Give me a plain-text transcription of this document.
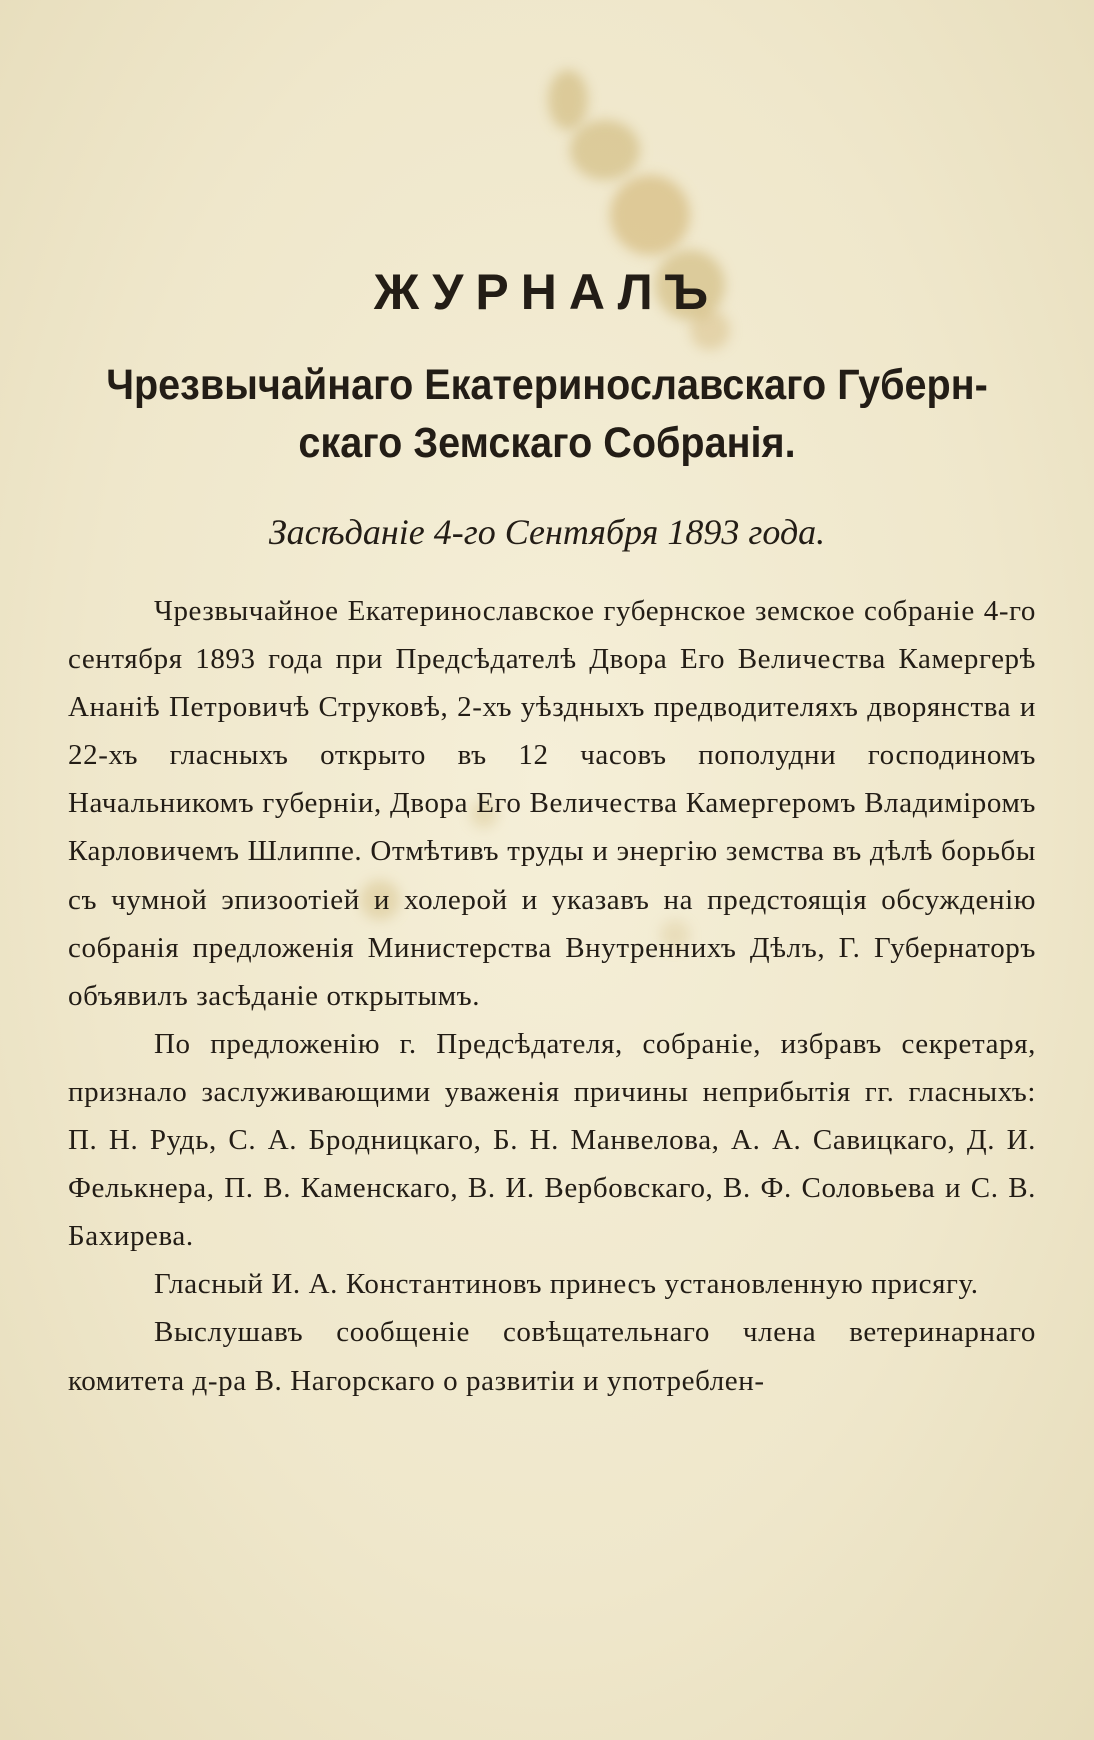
ЖУРНАЛЪ
Чрезвычайнаго Екатеринославскаго Губерн-
скаго Земскаго Собранія.
Засѣданіе 4-го Сентября 1893 года.

Чрезвычайное Екатеринославское губернское земское собраніе 4-го сентября 1893 года при Предсѣдателѣ Двора Его Величества Камергерѣ Ананіѣ Петровичѣ Струковѣ, 2-хъ уѣздныхъ предводителяхъ дворянства и 22-хъ гласныхъ открыто въ 12 часовъ пополудни господиномъ Начальникомъ губерніи, Двора Его Величества Камергеромъ Владиміромъ Карловичемъ Шлиппе. Отмѣтивъ труды и энергію земства въ дѣлѣ борьбы съ чумной эпизоотіей и холерой и указавъ на предстоящія обсужденію собранія предложенія Министерства Внутреннихъ Дѣлъ, Г. Губернаторъ объявилъ засѣданіе открытымъ.

По предложенію г. Предсѣдателя, собраніе, избравъ секретаря, признало заслуживающими уваженія причины неприбытія гг. гласныхъ: П. Н. Рудь, С. А. Бродницкаго, Б. Н. Манвелова, А. А. Савицкаго, Д. И. Фелькнера, П. В. Каменскаго, В. И. Вербовскаго, В. Ф. Соловьева и С. В. Бахирева.

Гласный И. А. Константиновъ принесъ установленную присягу.

Выслушавъ сообщеніе совѣщательнаго члена ветеринарнаго комитета д-ра В. Нагорскаго о развитіи и употреблен-
